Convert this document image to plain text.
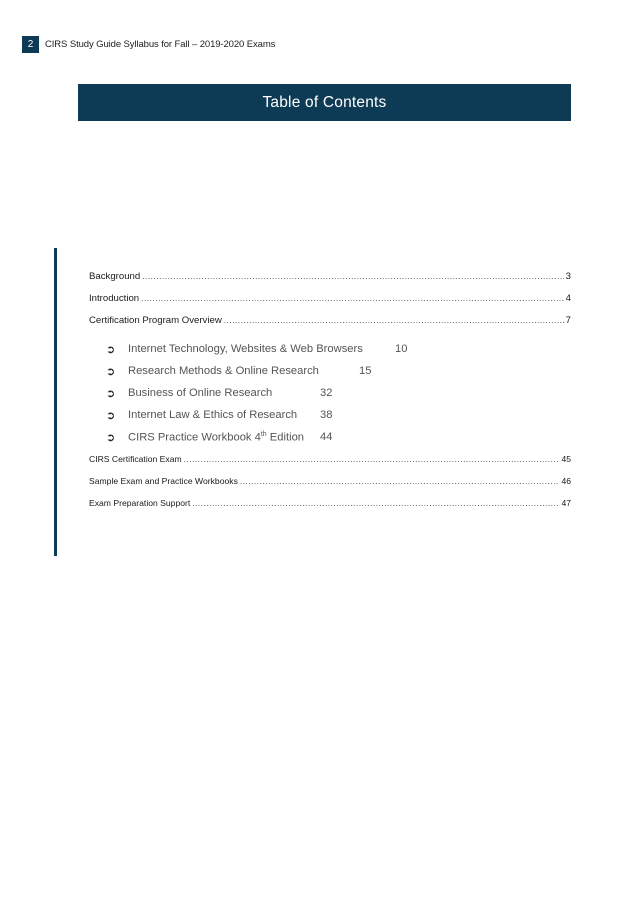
2	CIRS Study Guide Syllabus for Fall – 2019-2020 Exams
Table of Contents
Background .....	3
Introduction .....	4
Certification Program Overview .....	7
➲	Internet Technology, Websites & Web Browsers	10
➲	Research Methods & Online Research	15
➲	Business of Online Research	32
➲	Internet Law & Ethics of Research 38
➲	CIRS Practice Workbook 4th Edition 44
CIRS Certification Exam .....	45
Sample Exam and Practice Workbooks .....	46
Exam Preparation Support .....	47
